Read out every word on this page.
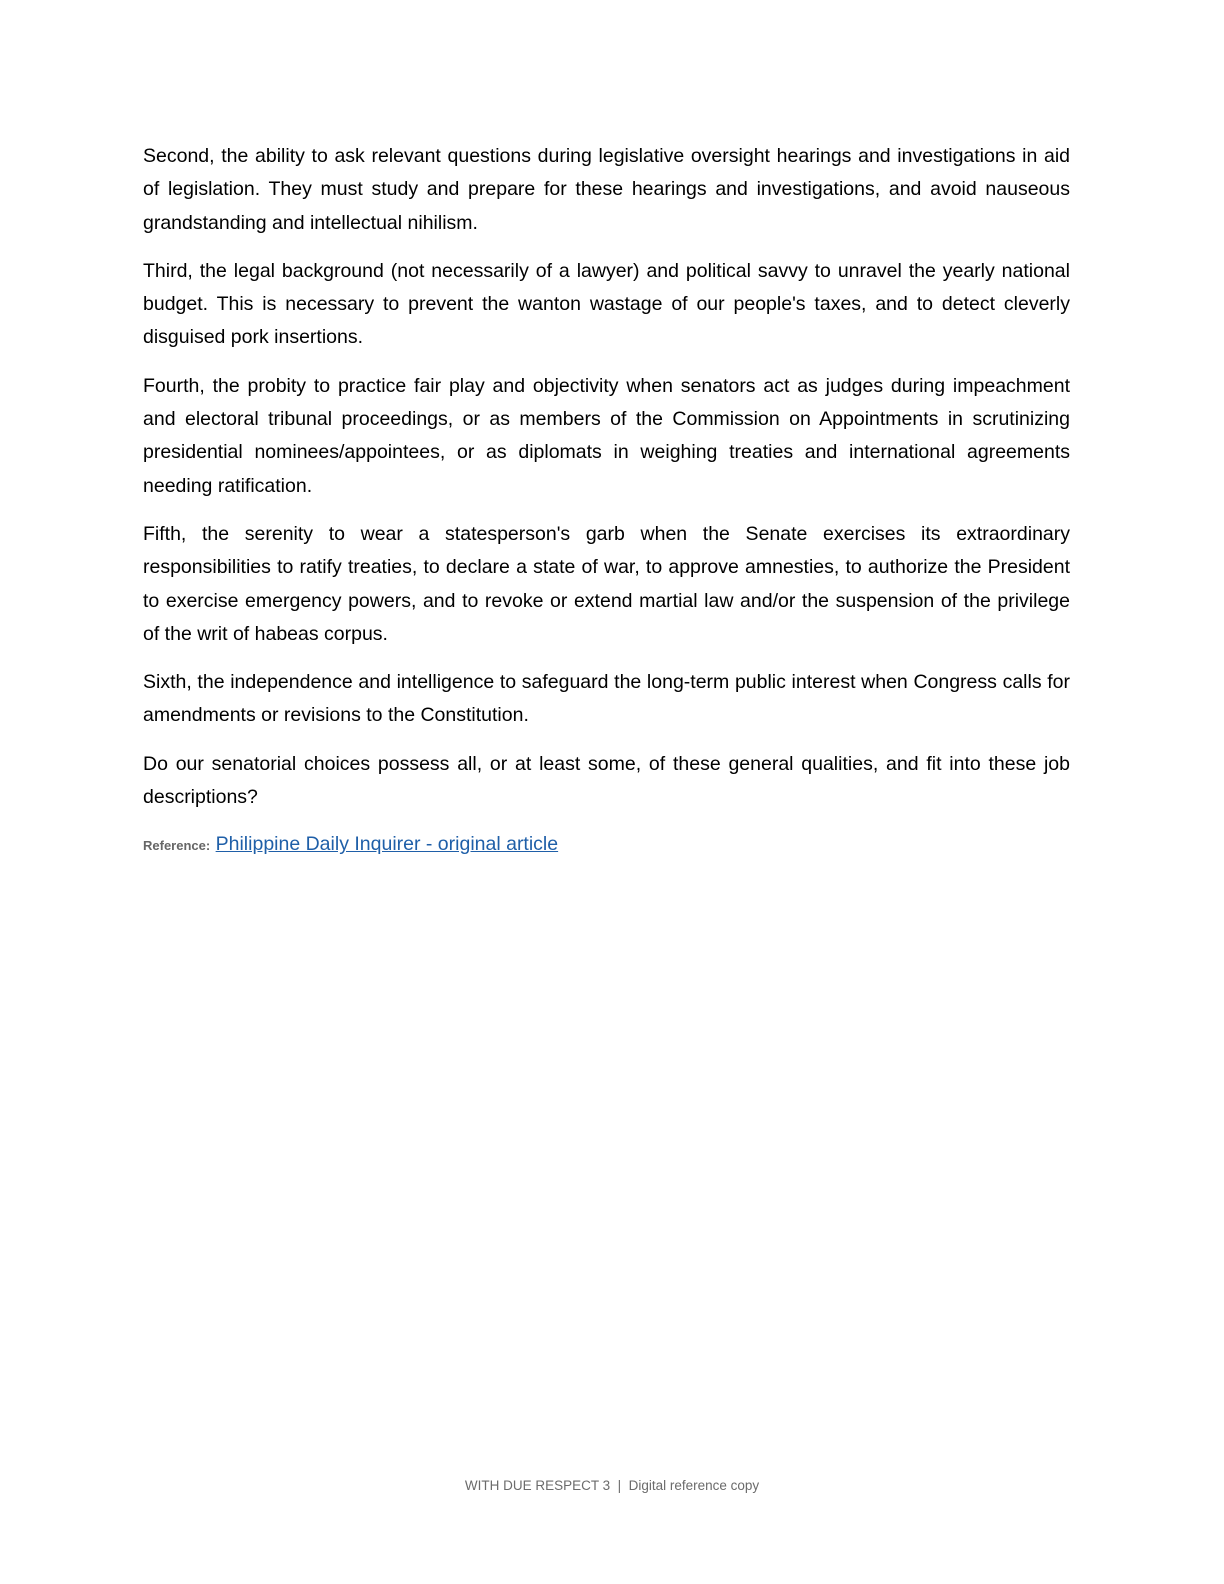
Second, the ability to ask relevant questions during legislative oversight hearings and investigations in aid of legislation. They must study and prepare for these hearings and investigations, and avoid nauseous grandstanding and intellectual nihilism.

Third, the legal background (not necessarily of a lawyer) and political savvy to unravel the yearly national budget. This is necessary to prevent the wanton wastage of our people's taxes, and to detect cleverly disguised pork insertions.

Fourth, the probity to practice fair play and objectivity when senators act as judges during impeachment and electoral tribunal proceedings, or as members of the Commission on Appointments in scrutinizing presidential nominees/appointees, or as diplomats in weighing treaties and international agreements needing ratification.

Fifth, the serenity to wear a statesperson's garb when the Senate exercises its extraordinary responsibilities to ratify treaties, to declare a state of war, to approve amnesties, to authorize the President to exercise emergency powers, and to revoke or extend martial law and/or the suspension of the privilege of the writ of habeas corpus.

Sixth, the independence and intelligence to safeguard the long-term public interest when Congress calls for amendments or revisions to the Constitution.

Do our senatorial choices possess all, or at least some, of these general qualities, and fit into these job descriptions?

Reference: Philippine Daily Inquirer - original article

WITH DUE RESPECT 3  |  Digital reference copy
